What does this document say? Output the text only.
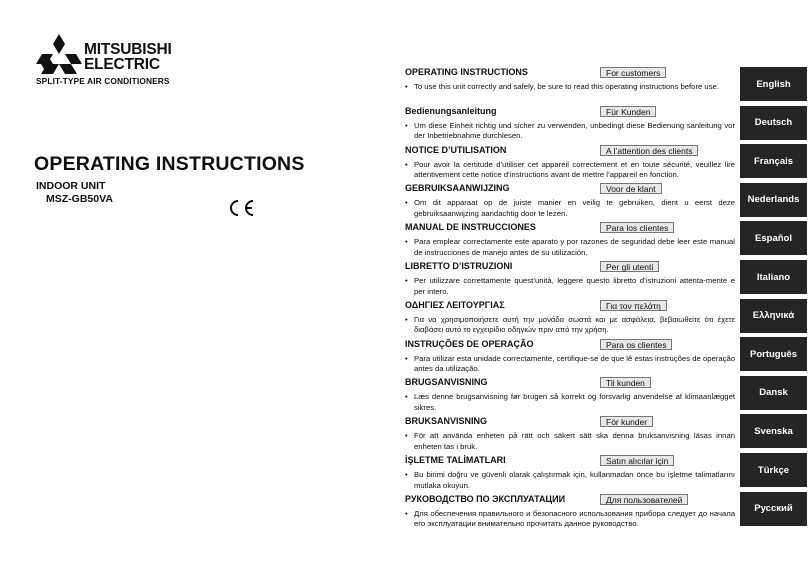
MITSUBISHI
ELECTRIC
SPLIT-TYPE AIR CONDITIONERS
OPERATING INSTRUCTIONS
INDOOR UNIT
MSZ-GB50VA
OPERATING INSTRUCTIONS	For customers
• To use this unit correctly and safely, be sure to read this operating instructions before use.
Bedienungsanleitung	Für Kunden
• Um diese Einheit richtig und sicher zu verwenden, unbedingt diese Bedienung sanleitung vor der Inbetriebnahme durchlesen.
NOTICE D’UTILISATION	A l’attention des clients
• Pour avoir la certitude d’utiliser cet appareil correctement et en toute sécurité, veuillez lire attentivement cette notice d’instructions avant de mettre l’appareil en fonction.
GEBRUIKSAANWIJZING	Voor de klant
• Om dit apparaat op de juiste manier en veilig te gebruiken, dient u eerst deze gebruiksaanwijzing aandachtig door te lezen.
MANUAL DE INSTRUCCIONES	Para los clientes
• Para emplear correctamente este aparato y por razones de seguridad debe leer este manual de instrucciones de manejo antes de su utilización.
LIBRETTO D’ISTRUZIONI	Per gli utenti
• Per utilizzare correttamente quest’unità, leggere questo libretto d’istruzioni attenta-mente e per intero.
ΟΔΗΓΙΕΣ ΛΕΙΤΟΥΡΓΙΑΣ	Για τον πελάτη
• Για να χρησιμοποιήσετε αυτή την μονάδα σωστά και με ασφάλεια, βεβαιωθείτε ότι έχετε διαβάσει αυτό το εγχειρίδιο οδηγιών πριν από την χρήση.
INSTRUÇÕES DE OPERAÇÃO	Para os clientes
• Para utilizar esta unidade correctamente, certifique-se de que lê estas instruções de operação antes da utilização.
BRUGSANVISNING	Til kunden
• Læs denne brugsanvisning før brugen så korrekt og forsvarlig anvendelse af klimaanlægget sikres.
BRUKSANVISNING	För kunder
• För att använda enheten på rätt och säkert sätt ska denna bruksanvisning läsas innan enheten tas i bruk.
İŞLETME TALİMATLARI	Satın alıcılar için
• Bu birimi doğru ve güvenli olarak çalıştırmak için, kullanmadan önce bu işletme talimatlarını mutlaka okuyun.
РУКОВОДСТВО ПО ЭКСПЛУАТАЦИИ	Для пользователей
• Для обеспечения правильного и безопасного использования прибора следует до начала его эксплуатации внимательно прочитать данное руководство.
English
Deutsch
Français
Nederlands
Español
Italiano
Ελληνικά
Português
Dansk
Svenska
Türkçe
Русский
